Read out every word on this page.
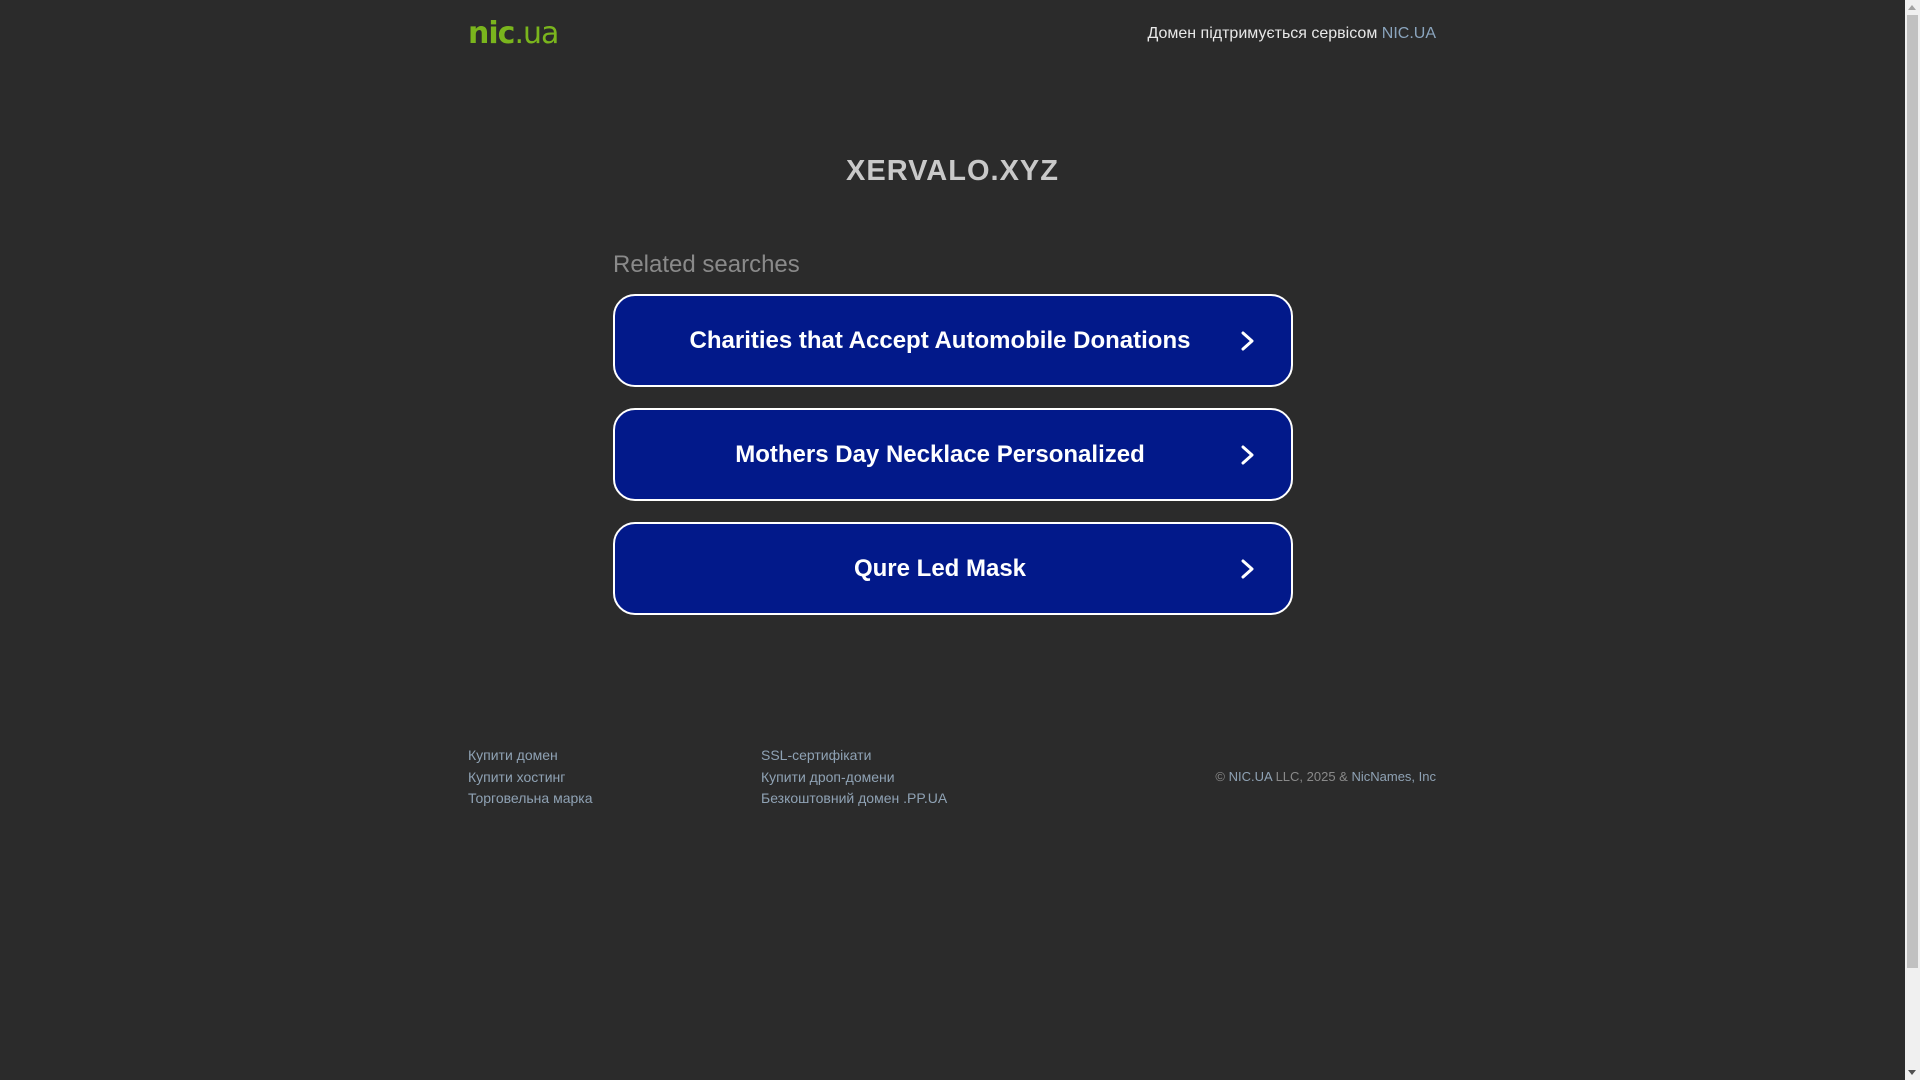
nic.ua	Домен підтримується сервісом NIC.UA
XERVALO.XYZ
Related searches
Charities that Accept Automobile Donations
Mothers Day Necklace Personalized
Qure Led Mask
Купити домен
Купити хостинг
Торговельна марка
SSL-сертифікати
Купити дроп-домени
Безкоштовний домен .PP.UA
© NIC.UA LLC, 2025 & NicNames, Inc
